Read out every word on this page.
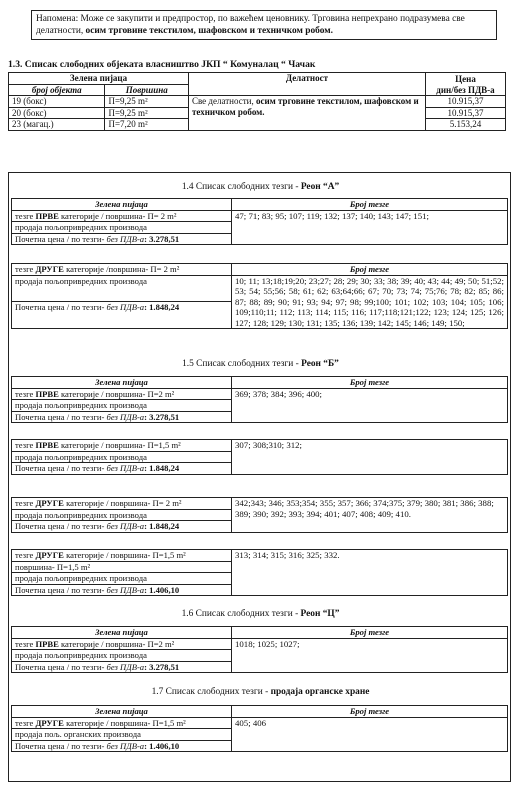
Напомена: Може се закупити и предпростор, по важећем ценовнику. Трговина непрехрано подразумева све делатности, осим трговине текстилом, шафовском и техничком робом.
1.3. Списак слободних објеката власништво ЈКП “ Комуналац “ Чачак
Зелена пијаца		Делатност	Цена
дин/без ПДВ-а
број објекта	Површина		
19 (бокс)	П=9,25 m²	Све делатности, осим трговине текстилом, шафовском и техничком робом.	10.915,37
20 (бокс)	П=9,25 m²		10.915,37
23 (магац.)	П=7,20 m²		5.153,24
1.4 Списак слободних тезги - Реон “А”
Зелена пијаца	Број тезге
тезге ПРВЕ категорије / површина- П= 2 m²	47; 71; 83; 95; 107; 119; 132; 137; 140; 143; 147; 151;
продаја пољопривредних производа	
Почетна цена / по тезги- без ПДВ-а: 3.278,51	
тезге ДРУГЕ категорије /површина- П= 2 m²	Број тезге
продаја пољопривредних производа	10; 11; 13;18;19;20; 23;27; 28; 29; 30; 33; 38; 39; 40; 43; 44; 49; 50; 51;52; 53; 54; 55;56; 58; 61; 62; 63;64;66; 67; 70; 73; 74; 75;76; 78; 82; 85; 86; 87; 88; 89; 90; 91; 93; 94; 97; 98; 99;100; 101; 102; 103; 104; 105; 106; 109;110;11; 112; 113; 114; 115; 116; 117;118;121;122; 123; 124; 125; 126; 127; 128; 129; 130; 131; 135; 136; 139; 142; 145; 146; 149; 150;
Почетна цена / по тезги- без ПДВ-а: 1.848,24	
1.5 Списак слободних тезги - Реон “Б”
Зелена пијаца	Број тезге
тезге ПРВЕ категорије / површина- П=2 m²	369; 378; 384; 396; 400;
продаја пољопривредних производа	
Почетна цена / по тезги- без ПДВ-а: 3.278,51	
тезге ПРВЕ категорије / површина- П=1,5 m²	307; 308;310; 312;
продаја пољопривредних производа
Почетна цена / по тезги- без ПДВ-а: 1.848,24
тезге ДРУГЕ категорије / површина- П= 2 m²	342;343; 346; 353;354; 355; 357; 366; 374;375; 379; 380; 381; 386; 388; 389; 390; 392; 393; 394; 401; 407; 408; 409; 410.
продаја пољопривредних производа
Почетна цена / по тезги- без ПДВ-а: 1.848,24
тезге ДРУГЕ категорије / површина- П=1,5 m²	313; 314; 315; 316; 325; 332.
површина- П=1,5 m²
продаја пољопривредних производа
Почетна цена / по тезги- без ПДВ-а: 1.406,10
1.6 Списак слободних тезги - Реон “Ц”
Зелена пијаца	Број тезге
тезге ПРВЕ категорије / површина- П=2 m²	1018; 1025; 1027;
продаја пољопривредних производа	
Почетна цена / по тезги- без ПДВ-а: 3.278,51	
1.7 Списак слободних тезги - продаја органске хране
Зелена пијаца	Број тезге
тезге ДРУГЕ категорије / површина- П=1,5 m²	405; 406
продаја пољ. органских производа	
Почетна цена / по тезги- без ПДВ-а: 1.406,10	
